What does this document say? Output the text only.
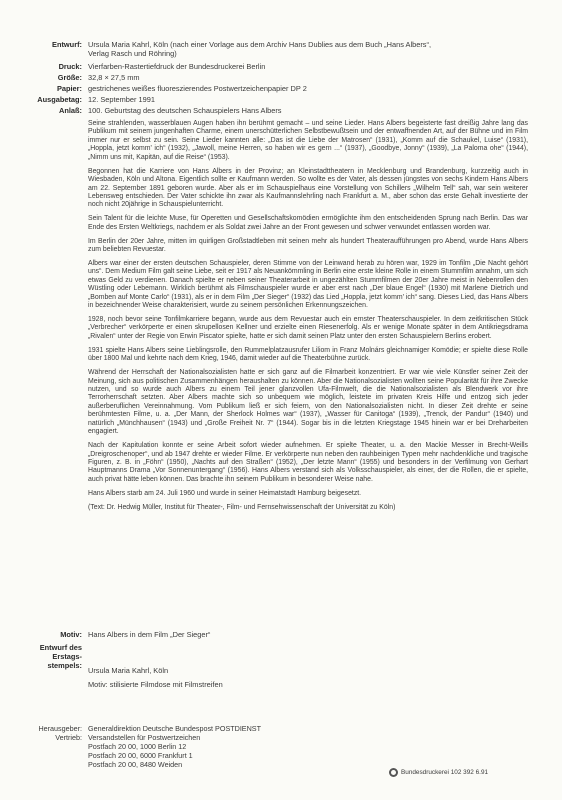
Entwurf: Ursula Maria Kahrl, Köln (nach einer Vorlage aus dem Archiv Hans Dublies aus dem Buch „Hans Albers“,
Verlag Rasch und Röhring)
Druck: Vierfarben-Rastertiefdruck der Bundesdruckerei Berlin
Größe: 32,8 × 27,5 mm
Papier: gestrichenes weißes fluoreszierendes Postwertzeichenpapier DP 2
Ausgabetag: 12. September 1991
Anlaß: 100. Geburtstag des deutschen Schauspielers Hans Albers

Seine strahlenden, wasserblauen Augen haben ihn berühmt gemacht – und seine Lieder. Hans Albers begeisterte fast dreißig Jahre lang das Publikum mit seinem jungenhaften Charme, einem unerschütterlichen Selbstbewußtsein und der entwaffnenden Art, auf der Bühne und im Film immer nur er selbst zu sein. Seine Lieder kannten alle: „Das ist die Liebe der Matrosen“ (1931), „Komm auf die Schaukel, Luise“ (1931), „Hoppla, jetzt komm' ich“ (1932), „Jawoll, meine Herren, so haben wir es gern ...“ (1937), „Goodbye, Jonny“ (1939), „La Paloma ohe“ (1944), „Nimm uns mit, Kapitän, auf die Reise“ (1953).

Begonnen hat die Karriere von Hans Albers in der Provinz; an Kleinstadttheatern in Mecklenburg und Brandenburg, kurzzeitig auch in Wiesbaden, Köln und Altona. Eigentlich sollte er Kaufmann werden. So wollte es der Vater, als dessen jüngstes von sechs Kindern Hans Albers am 22. September 1891 geboren wurde. Aber als er im Schauspielhaus eine Vorstellung von Schillers „Wilhelm Tell“ sah, war sein weiterer Lebensweg entschieden. Der Vater schickte ihn zwar als Kaufmannslehrling nach Frankfurt a. M., aber schon das erste Gehalt investierte der noch nicht 20jährige in Schauspielunterricht.

Sein Talent für die leichte Muse, für Operetten und Gesellschaftskomödien ermöglichte ihm den entscheidenden Sprung nach Berlin. Das war Ende des Ersten Weltkriegs, nachdem er als Soldat zwei Jahre an der Front gewesen und schwer verwundet entlassen worden war.

Im Berlin der 20er Jahre, mitten im quirligen Großstadtleben mit seinen mehr als hundert Theateraufführungen pro Abend, wurde Hans Albers zum beliebten Revuestar.

Albers war einer der ersten deutschen Schauspieler, deren Stimme von der Leinwand herab zu hören war, 1929 im Tonfilm „Die Nacht gehört uns“. Dem Medium Film galt seine Liebe, seit er 1917 als Neuankömmling in Berlin eine erste kleine Rolle in einem Stummfilm annahm, um sich etwas Geld zu verdienen. Danach spielte er neben seiner Theaterarbeit in ungezählten Stummfilmen der 20er Jahre meist in Nebenrollen den Wüstling oder Lebemann. Wirklich berühmt als Filmschauspieler wurde er aber erst nach „Der blaue Engel“ (1930) mit Marlene Dietrich und „Bomben auf Monte Carlo“ (1931), als er in dem Film „Der Sieger“ (1932) das Lied „Hoppla, jetzt komm' ich“ sang. Dieses Lied, das Hans Albers in bezeichnender Weise charakterisiert, wurde zu seinem persönlichen Erkennungszeichen.

1928, noch bevor seine Tonfilmkarriere begann, wurde aus dem Revuestar auch ein ernster Theaterschauspieler. In dem zeitkritischen Stück „Verbrecher“ verkörperte er einen skrupellosen Kellner und erzielte einen Riesenerfolg. Als er wenige Monate später in dem Antikriegsdrama „Rivalen“ unter der Regie von Erwin Piscator spielte, hatte er sich damit seinen Platz unter den ersten Schauspielern Berlins erobert.

1931 spielte Hans Albers seine Lieblingsrolle, den Rummelplatzausrufer Liliom in Franz Molnárs gleichnamiger Komödie; er spielte diese Rolle über 1800 Mal und kehrte nach dem Krieg, 1946, damit wieder auf die Theaterbühne zurück.

Während der Herrschaft der Nationalsozialisten hatte er sich ganz auf die Filmarbeit konzentriert. Er war wie viele Künstler seiner Zeit der Meinung, sich aus politischen Zusammenhängen heraushalten zu können. Aber die Nationalsozialisten wollten seine Popularität für ihre Zwecke nutzen, und so wurde auch Albers zu einem Teil jener glanzvollen Ufa-Filmwelt, die die Nationalsozialisten als Blendwerk vor ihre Terrorherrschaft setzten. Aber Albers machte sich so unbequem wie möglich, leistete im privaten Kreis Hilfe und entzog sich jeder außerberuflichen Vereinnahmung. Vom Publikum ließ er sich feiern, von den Nationalsozialisten nicht. In dieser Zeit drehte er seine berühmtesten Filme, u. a. „Der Mann, der Sherlock Holmes war“ (1937), „Wasser für Canitoga“ (1939), „Trenck, der Pandur“ (1940) und natürlich „Münchhausen“ (1943) und „Große Freiheit Nr. 7“ (1944). Sogar bis in die letzten Kriegstage 1945 hinein war er bei Dreharbeiten engagiert.

Nach der Kapitulation konnte er seine Arbeit sofort wieder aufnehmen. Er spielte Theater, u. a. den Mackie Messer in Brecht-Weills „Dreigroschenoper“, und ab 1947 drehte er wieder Filme. Er verkörperte nun neben den rauhbeinigen Typen mehr nachdenkliche und tragische Figuren, z. B. in „Föhn“ (1950), „Nachts auf den Straßen“ (1952), „Der letzte Mann“ (1955) und besonders in der Verfilmung von Gerhart Hauptmanns Drama „Vor Sonnenuntergang“ (1956). Hans Albers verstand sich als Volksschauspieler, als einer, der die Rollen, die er spielte, auch privat hätte leben können. Das brachte ihn seinem Publikum in besonderer Weise nahe.

Hans Albers starb am 24. Juli 1960 und wurde in seiner Heimatstadt Hamburg beigesetzt.

(Text: Dr. Hedwig Müller, Institut für Theater-, Film- und Fernsehwissenschaft der Universität zu Köln)

Motiv: Hans Albers in dem Film „Der Sieger“
Entwurf des
Erstags-
stempels:
Ursula Maria Kahrl, Köln
Motiv: stilisierte Filmdose mit Filmstreifen
Herausgeber:
Vertrieb:
Generaldirektion Deutsche Bundespost POSTDIENST
Versandstellen für Postwertzeichen
Postfach 20 00, 1000 Berlin 12
Postfach 20 00, 6000 Frankfurt 1
Postfach 20 00, 8480 Weiden
Bundesdruckerei 102 392 6.91
